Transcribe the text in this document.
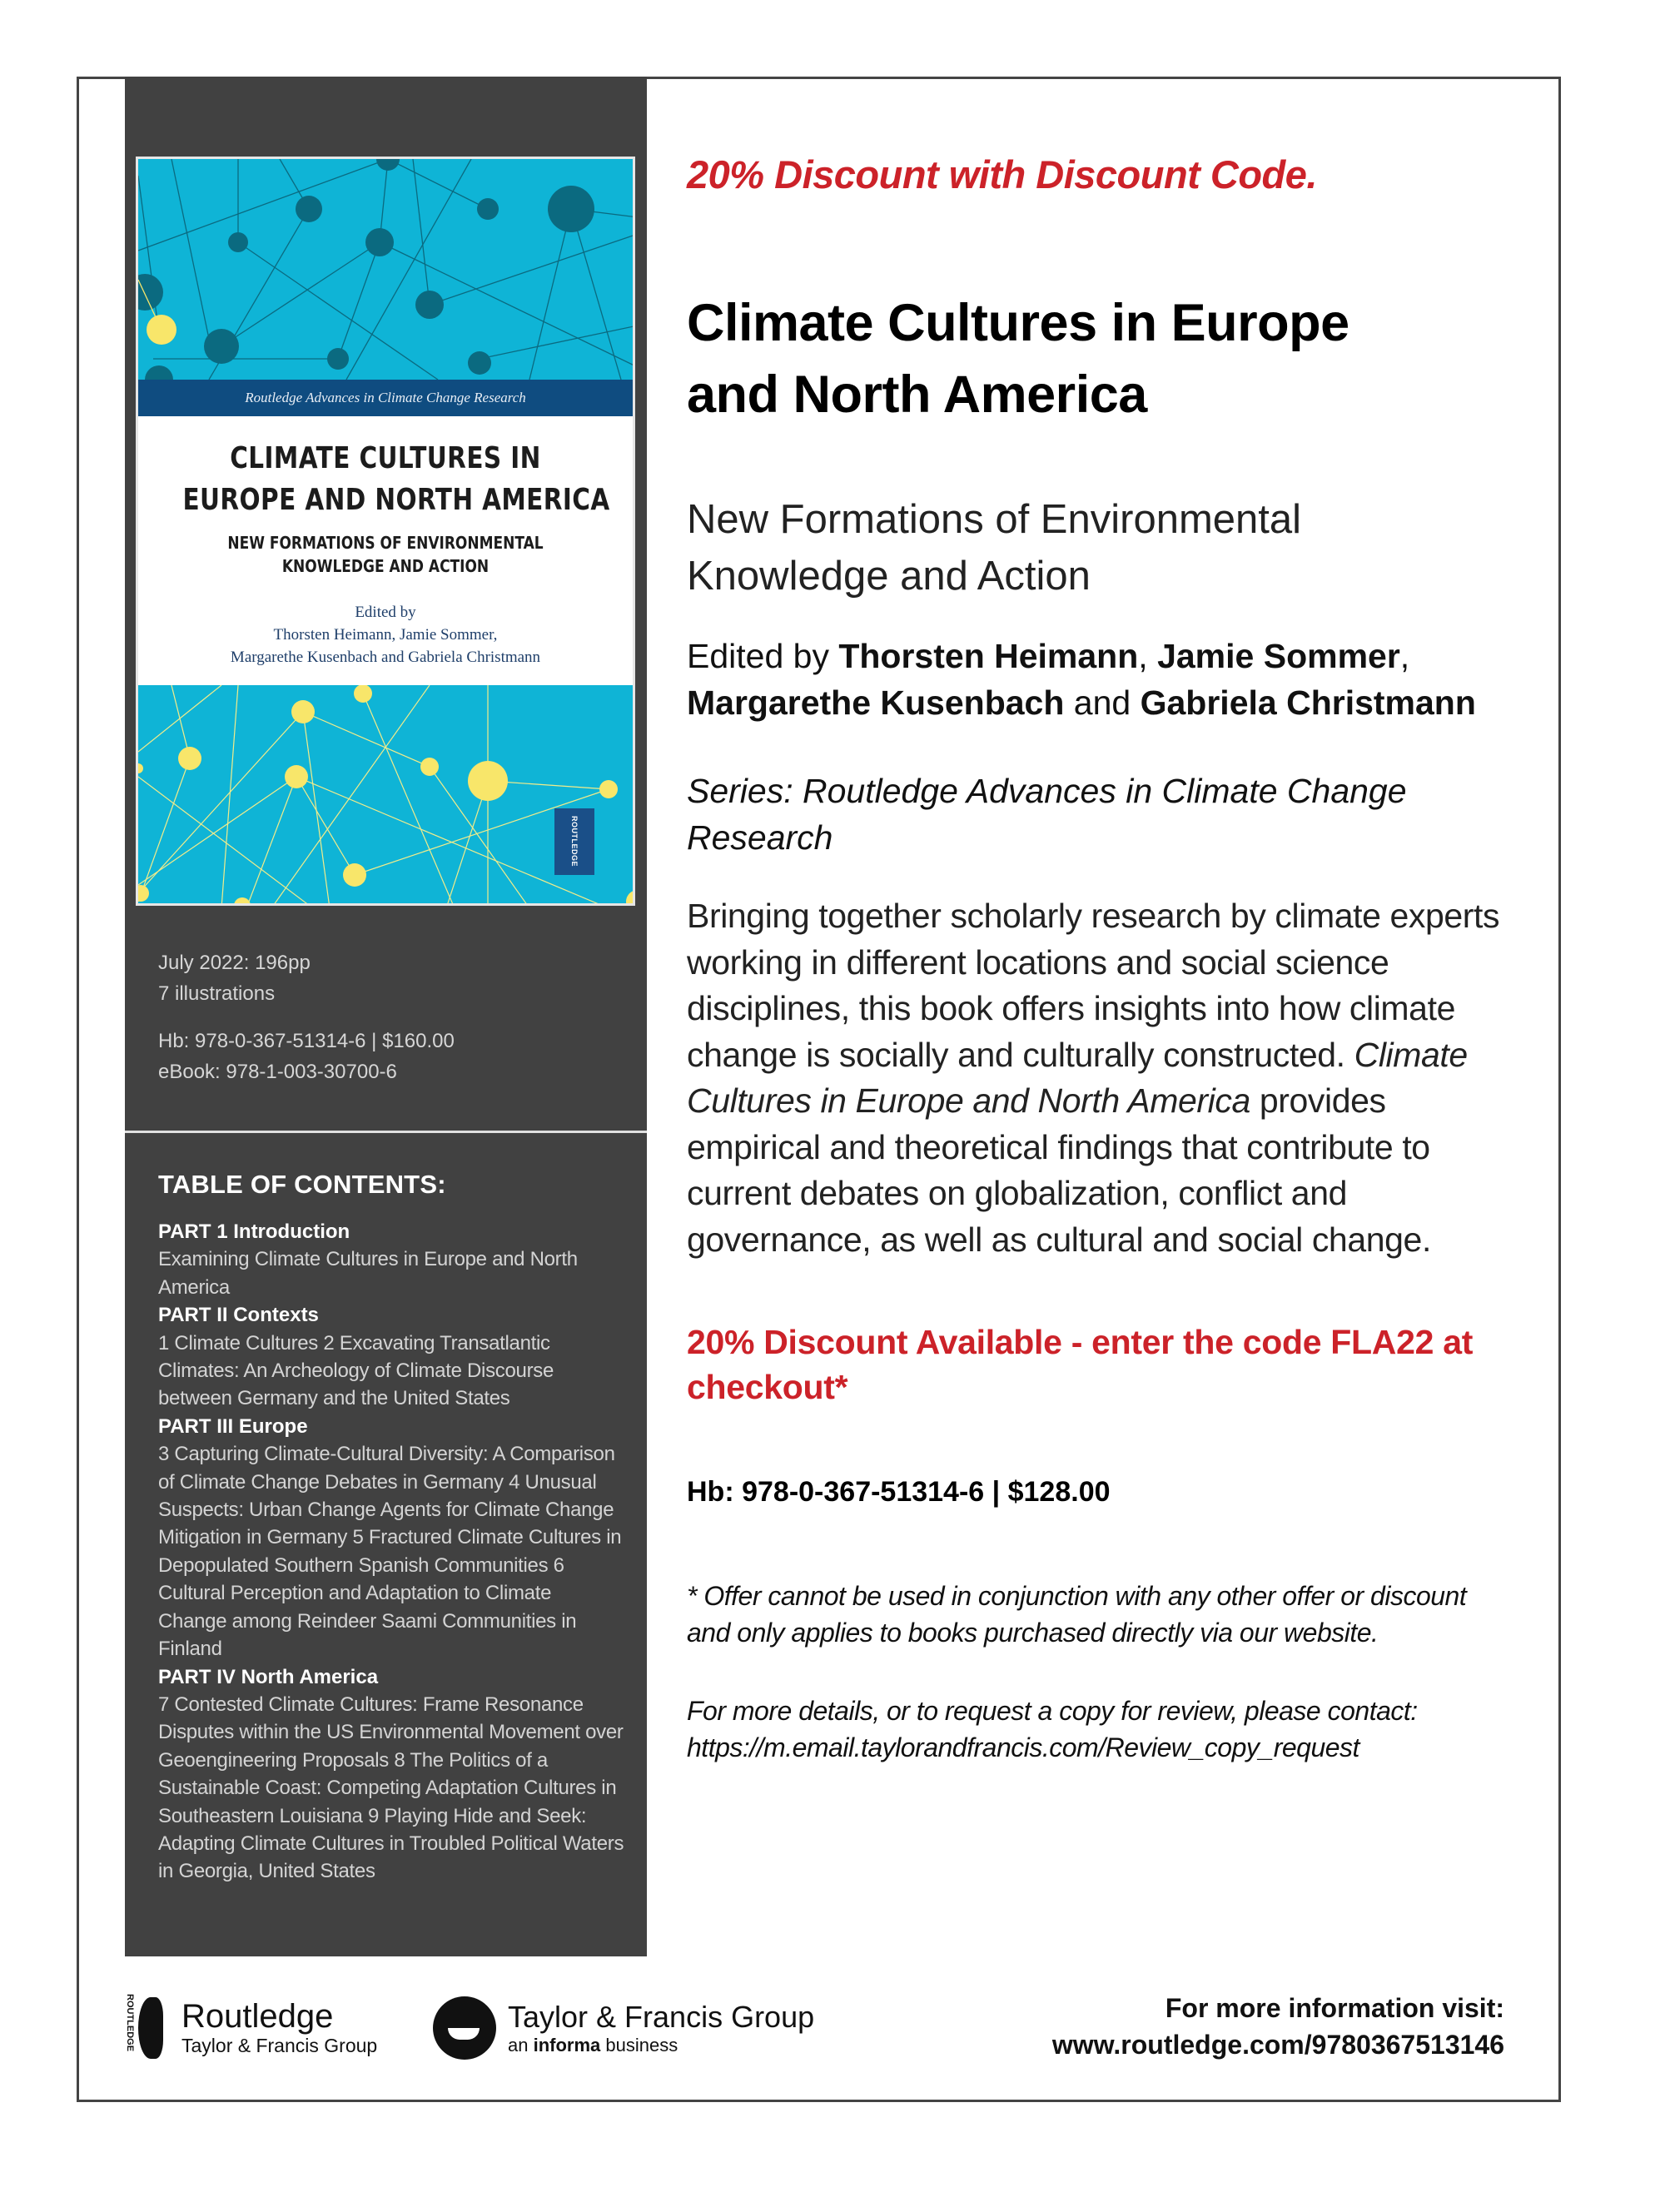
Routledge Advances in Climate Change Research
CLIMATE CULTURES IN
EUROPE AND NORTH AMERICA
NEW FORMATIONS OF ENVIRONMENTAL
KNOWLEDGE AND ACTION
Edited by
Thorsten Heimann, Jamie Sommer,
Margarethe Kusenbach and Gabriela Christmann
ROUTLEDGE
July 2022: 196pp
7 illustrations
Hb: 978-0-367-51314-6 | $160.00
eBook: 978-1-003-30700-6
TABLE OF CONTENTS:
PART 1 Introduction
Examining Climate Cultures in Europe and North America
PART II Contexts
1 Climate Cultures 2 Excavating Transatlantic Climates: An Archeology of Climate Discourse between Germany and the United States
PART III Europe
3 Capturing Climate-Cultural Diversity: A Comparison of Climate Change Debates in Germany 4 Unusual Suspects: Urban Change Agents for Climate Change Mitigation in Germany 5 Fractured Climate Cultures in Depopulated Southern Spanish Communities 6 Cultural Perception and Adaptation to Climate Change among Reindeer Saami Communities in Finland
PART IV North America
7 Contested Climate Cultures: Frame Resonance Disputes within the US Environmental Movement over Geoengineering Proposals 8 The Politics of a Sustainable Coast: Competing Adaptation Cultures in Southeastern Louisiana 9 Playing Hide and Seek: Adapting Climate Cultures in Troubled Political Waters in Georgia, United States
20% Discount with Discount Code.
Climate Cultures in Europe
and North America
New Formations of Environmental
Knowledge and Action
Edited by Thorsten Heimann, Jamie Sommer,
Margarethe Kusenbach and Gabriela Christmann
Series: Routledge Advances in Climate Change
Research
Bringing together scholarly research by climate experts working in different locations and social science disciplines, this book offers insights into how climate change is socially and culturally constructed. Climate Cultures in Europe and North America provides empirical and theoretical findings that contribute to current debates on globalization, conflict and governance, as well as cultural and social change.
20% Discount Available - enter the code FLA22 at checkout*
Hb: 978-0-367-51314-6 | $128.00
* Offer cannot be used in conjunction with any other offer or discount
and only applies to books purchased directly via our website.
For more details, or to request a copy for review, please contact:
https://m.email.taylorandfrancis.com/Review_copy_request
ROUTLEDGE Routledge
Taylor & Francis Group
Taylor & Francis Group
an informa business
For more information visit:
www.routledge.com/9780367513146
